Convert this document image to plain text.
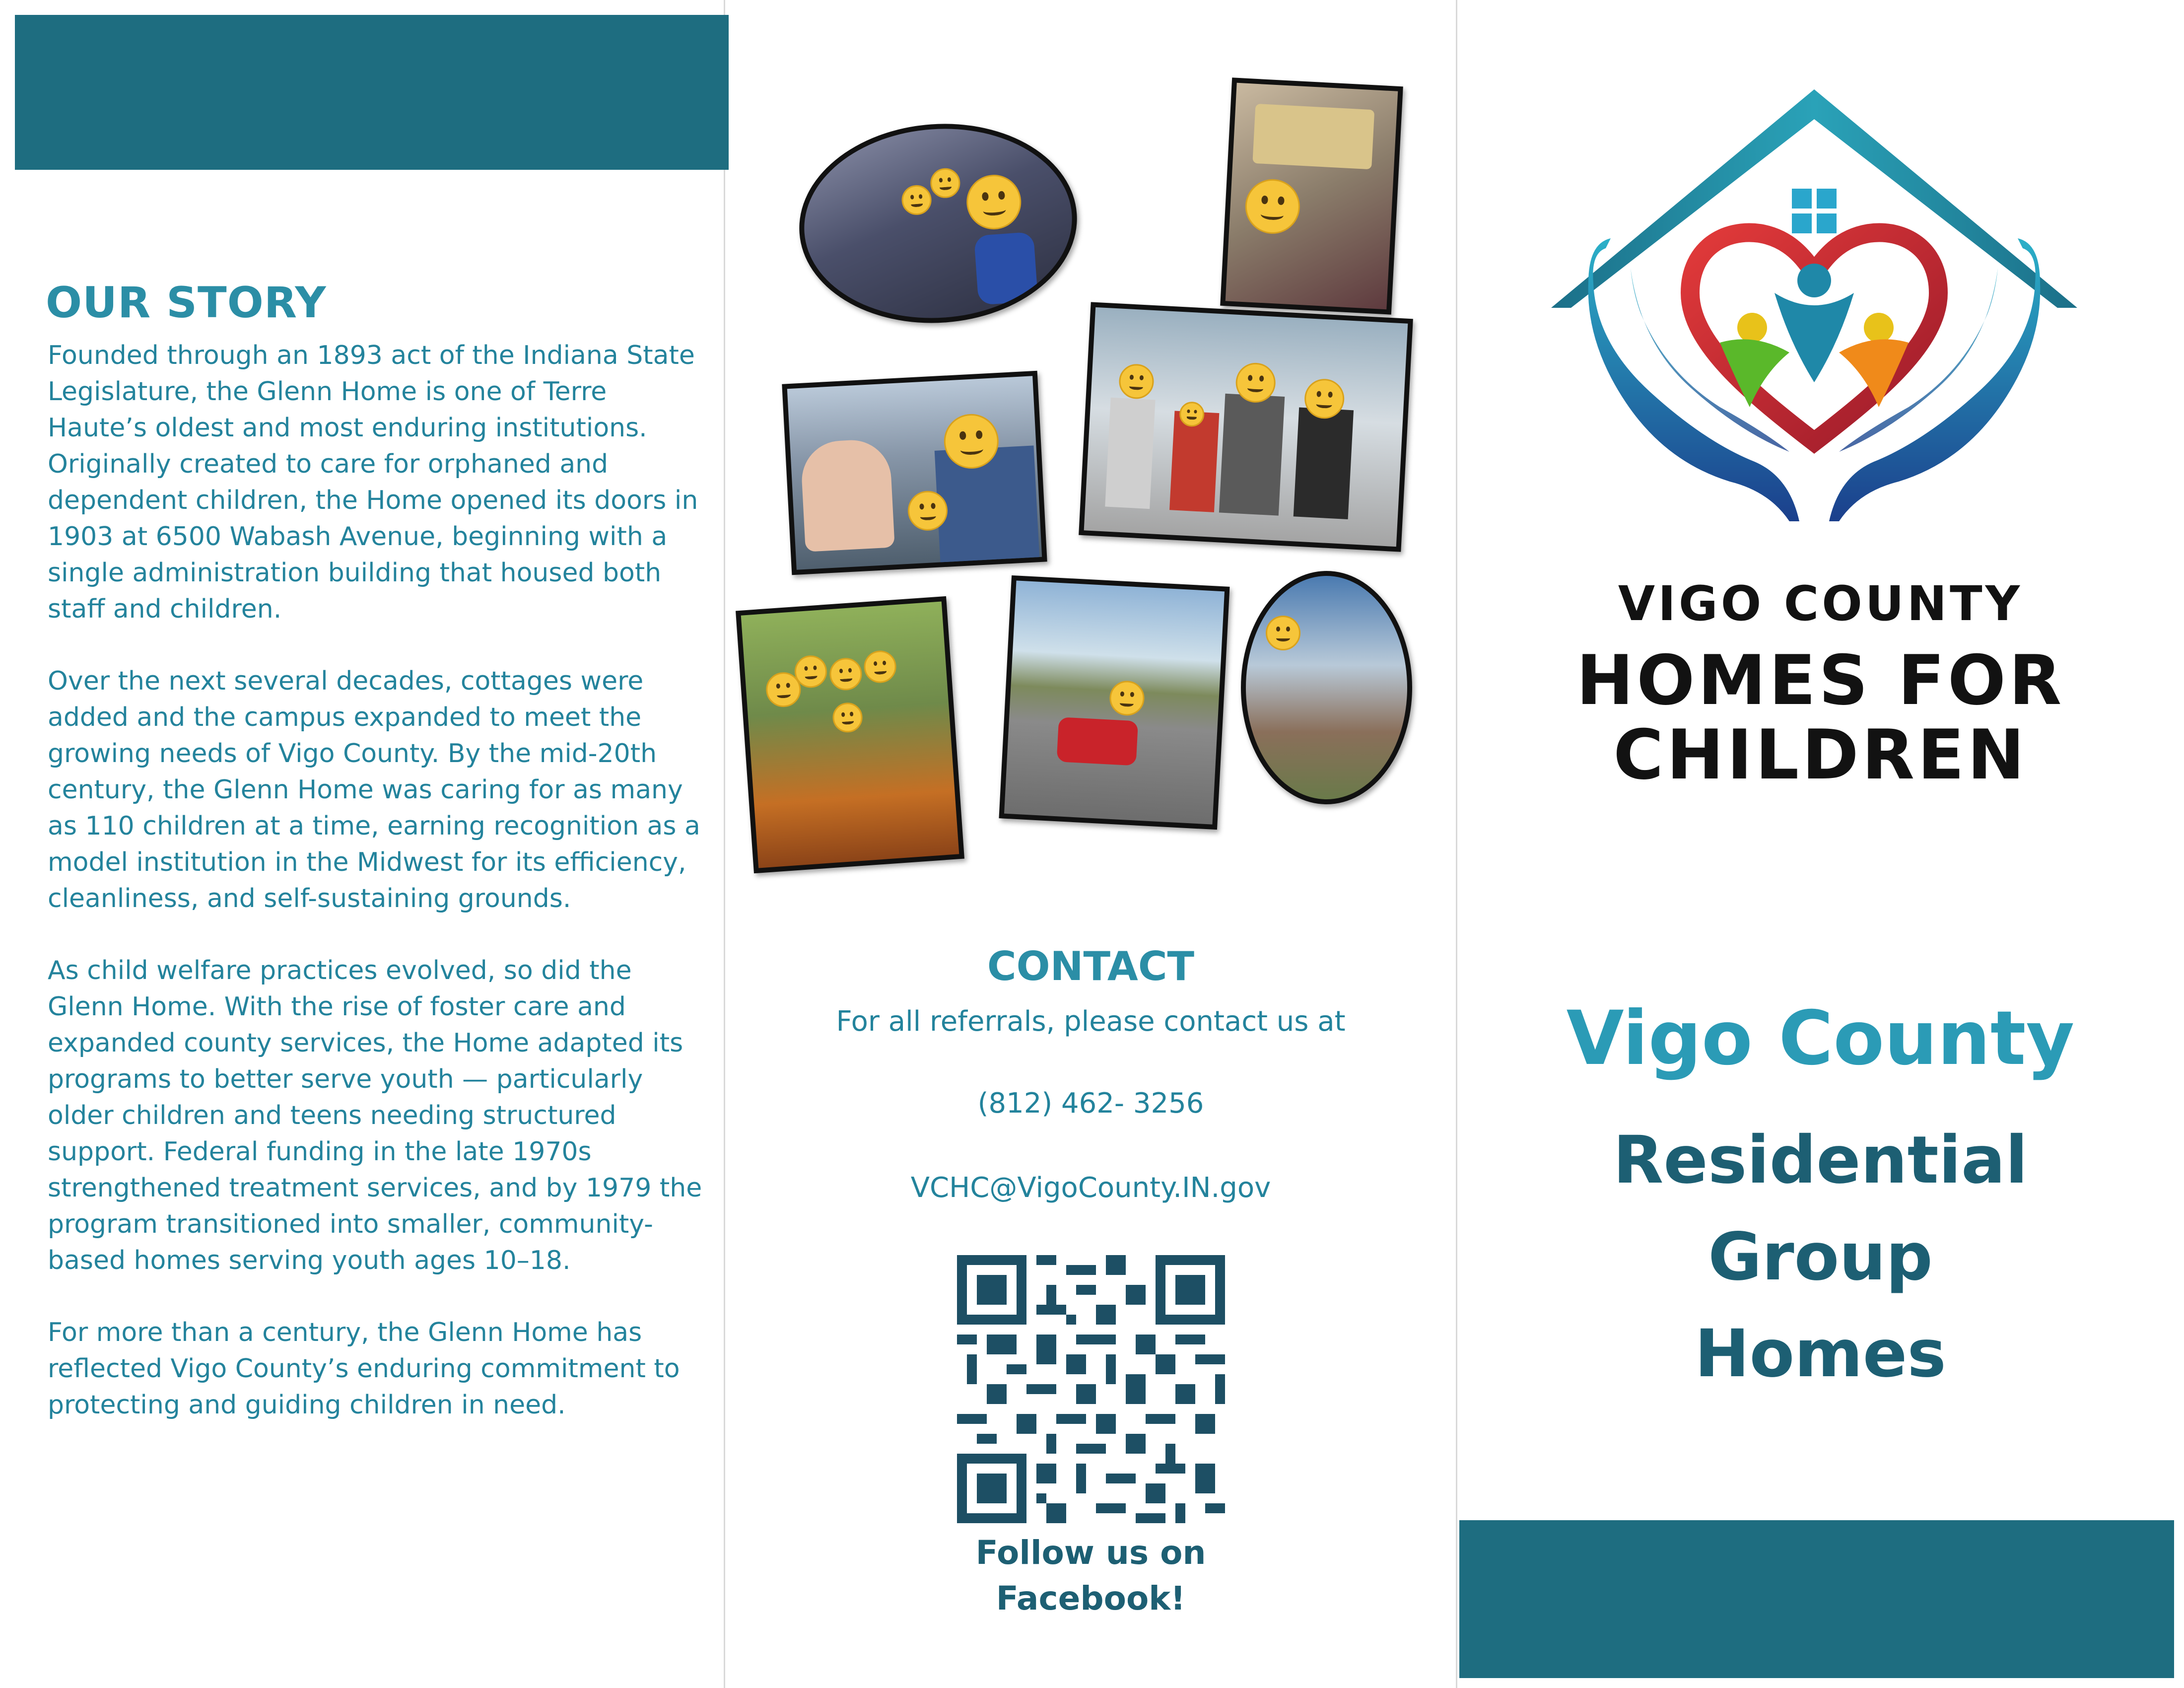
OUR STORY

Founded through an 1893 act of the Indiana State Legislature, the Glenn Home is one of Terre Haute’s oldest and most enduring institutions. Originally created to care for orphaned and dependent children, the Home opened its doors in 1903 at 6500 Wabash Avenue, beginning with a single administration building that housed both staff and children.

Over the next several decades, cottages were added and the campus expanded to meet the growing needs of Vigo County. By the mid-20th century, the Glenn Home was caring for as many as 110 children at a time, earning recognition as a model institution in the Midwest for its efficiency, cleanliness, and self-sustaining grounds.

As child welfare practices evolved, so did the Glenn Home. With the rise of foster care and expanded county services, the Home adapted its programs to better serve youth — particularly older children and teens needing structured support. Federal funding in the late 1970s strengthened treatment services, and by 1979 the program transitioned into smaller, community-based homes serving youth ages 10–18.

For more than a century, the Glenn Home has reflected Vigo County’s enduring commitment to protecting and guiding children in need.

CONTACT

For all referrals, please contact us at

(812) 462- 3256

VCHC@VigoCounty.IN.gov

Follow us on
Facebook!

VIGO COUNTY

HOMES FOR

CHILDREN

Vigo County

Residential

Group

Homes
